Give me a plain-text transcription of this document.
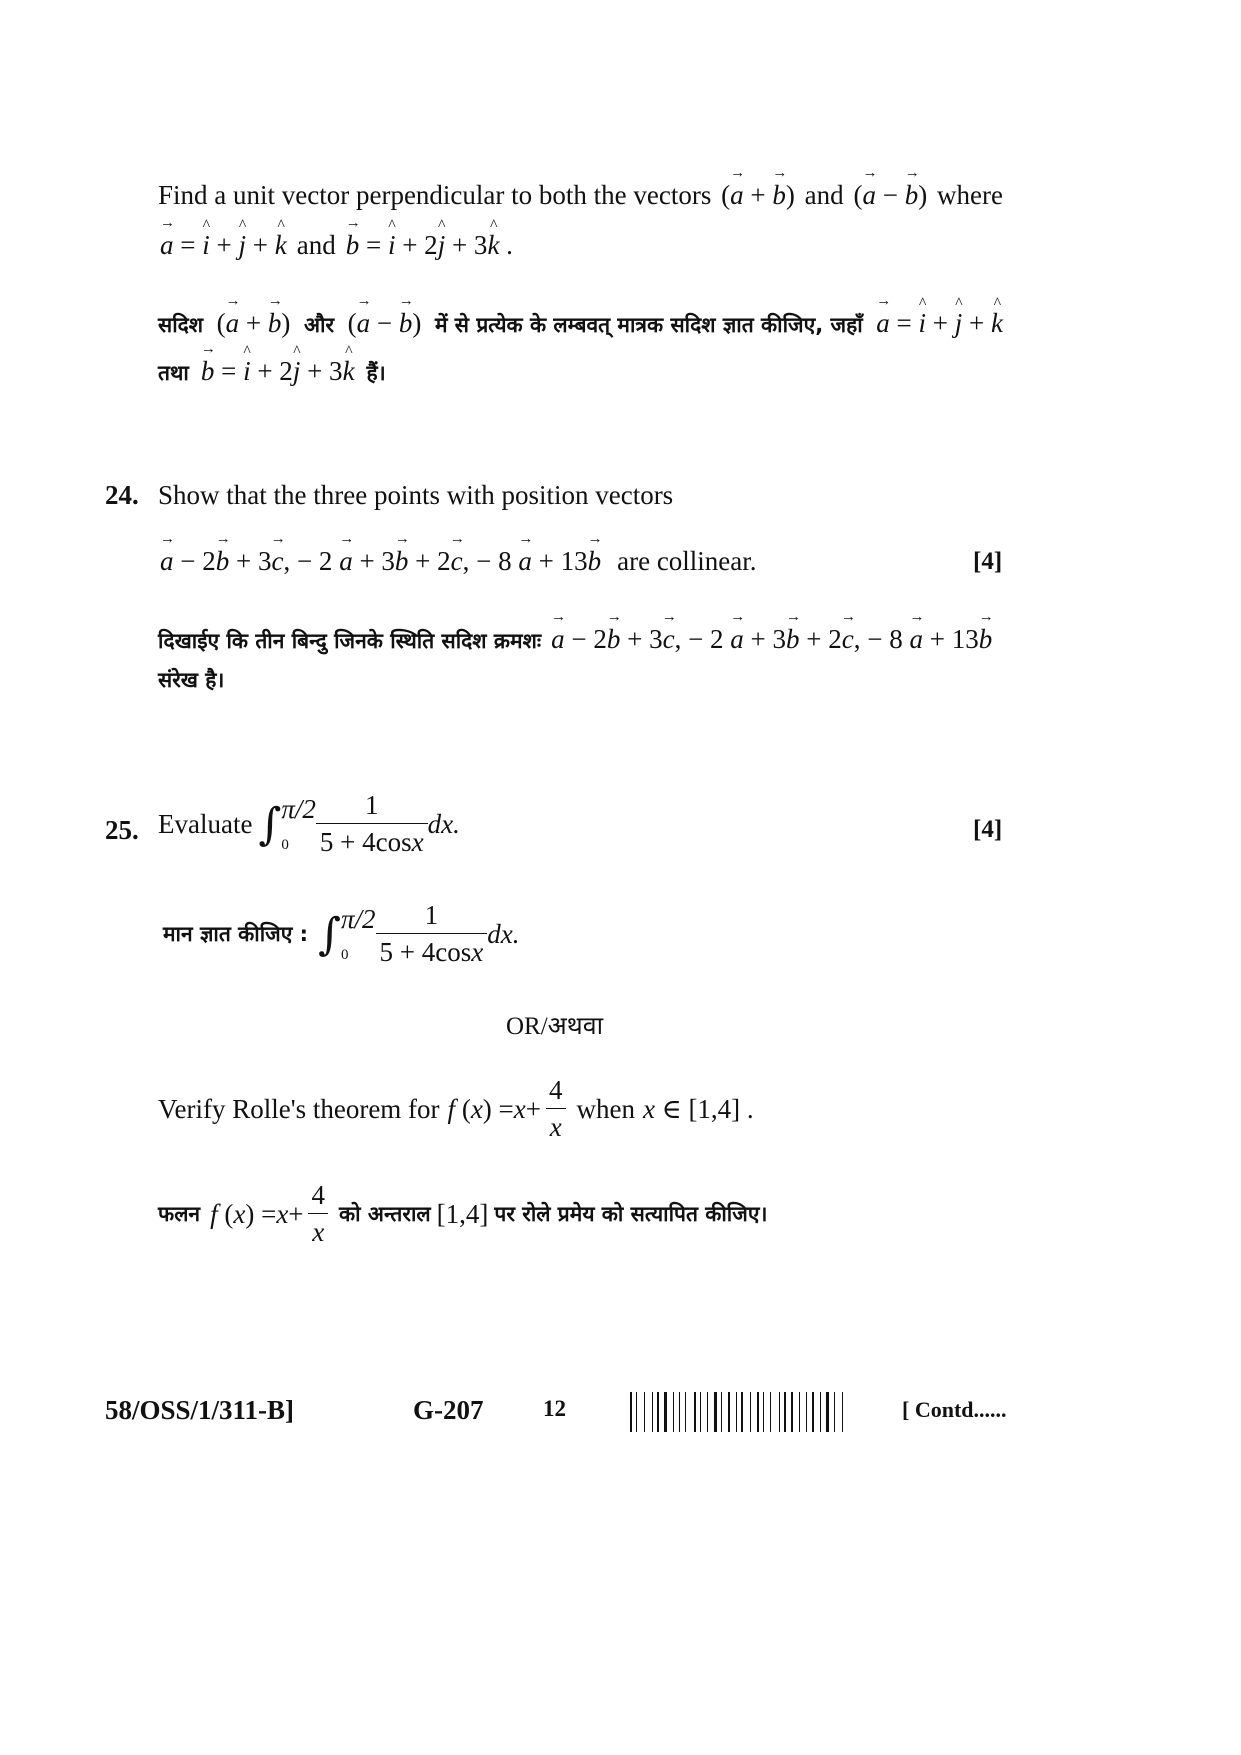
Find a unit vector perpendicular to both the vectors (→ a + → b) and (→ a − → b) where
→ a = ^ i + ^ j + ^ k and → b = ^ i + 2^ j + 3^ k .
सदिश (→ a + → b) और (→ a − → b) में से प्रत्येक के लम्बवत् मात्रक सदिश ज्ञात कीजिए, जहाँ → a = ^ i + ^ j + ^ k
तथा → b = ^ i + 2^ j + 3^ k हैं।
24. Show that the three points with position vectors
→ a − 2→ b + 3→ c, − 2 → a + 3→ b + 2→ c, − 8 → a + 13→ b are collinear.	[4]
दिखाईए कि तीन बिन्दु जिनके स्थिति सदिश क्रमशः → a − 2→ b + 3→ c, − 2 → a + 3→ b + 2→ c, − 8 → a + 13→ b
संरेख है।
25. Evaluate ∫ π/2
0	$\frac{1}{5 + 4\cos x}$ dx.	[4]
मान ज्ञात कीजिए : ∫ π/2
0	$\frac{1}{5 + 4\cos x}$ dx.
OR/अथवा
Verify Rolle's theorem for f ( x ) = $x + \frac{4}{x}$ when x ∈ [1,4] .
फलन f ( x ) = $x + \frac{4}{x}$ को अन्तराल [1,4] पर रोले प्रमेय को सत्यापित कीजिए।
58/OSS/1/311-B]	G-207	12	[ Contd......
